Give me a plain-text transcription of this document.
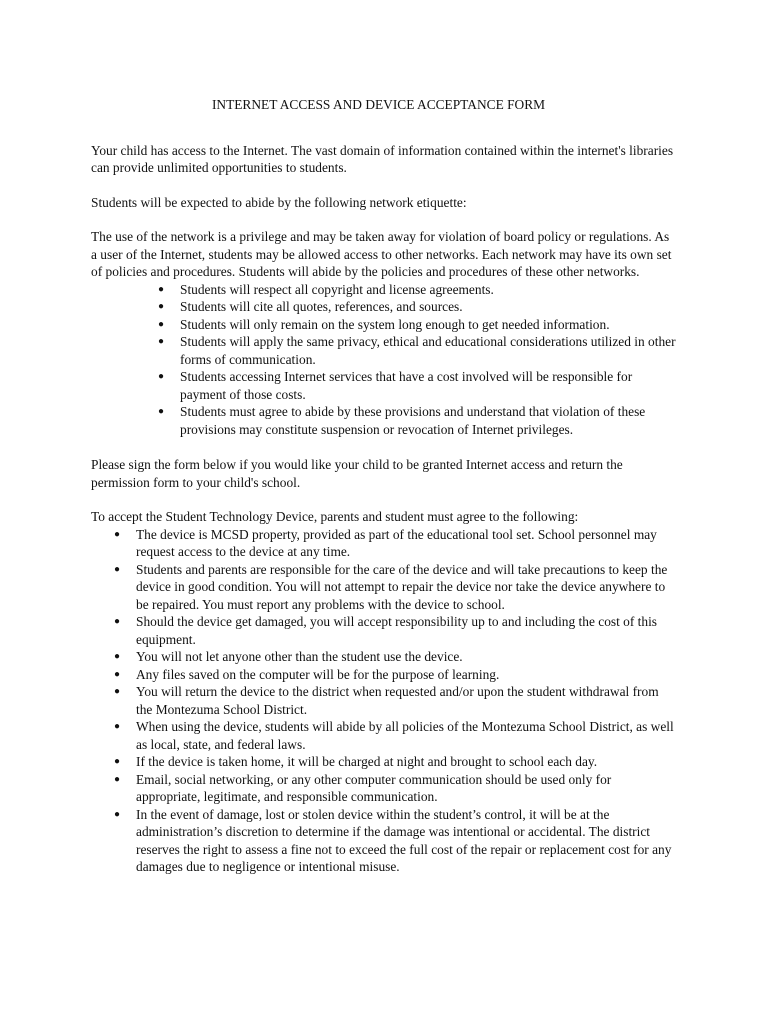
INTERNET ACCESS AND DEVICE ACCEPTANCE FORM

Your child has access to the Internet. The vast domain of information contained within the internet's libraries can provide unlimited opportunities to students.

Students will be expected to abide by the following network etiquette:

The use of the network is a privilege and may be taken away for violation of board policy or regulations. As a user of the Internet, students may be allowed access to other networks. Each network may have its own set of policies and procedures. Students will abide by the policies and procedures of these other networks.

● Students will respect all copyright and license agreements.
● Students will cite all quotes, references, and sources.
● Students will only remain on the system long enough to get needed information.
● Students will apply the same privacy, ethical and educational considerations utilized in other forms of communication.
● Students accessing Internet services that have a cost involved will be responsible for payment of those costs.
● Students must agree to abide by these provisions and understand that violation of these provisions may constitute suspension or revocation of Internet privileges.

Please sign the form below if you would like your child to be granted Internet access and return the permission form to your child's school.

To accept the Student Technology Device, parents and student must agree to the following:

● The device is MCSD property, provided as part of the educational tool set. School personnel may request access to the device at any time.
● Students and parents are responsible for the care of the device and will take precautions to keep the device in good condition. You will not attempt to repair the device nor take the device anywhere to be repaired. You must report any problems with the device to school.
● Should the device get damaged, you will accept responsibility up to and including the cost of this equipment.
● You will not let anyone other than the student use the device.
● Any files saved on the computer will be for the purpose of learning.
● You will return the device to the district when requested and/or upon the student withdrawal from the Montezuma School District.
● When using the device, students will abide by all policies of the Montezuma School District, as well as local, state, and federal laws.
● If the device is taken home, it will be charged at night and brought to school each day.
● Email, social networking, or any other computer communication should be used only for appropriate, legitimate, and responsible communication.
● In the event of damage, lost or stolen device within the student’s control, it will be at the administration’s discretion to determine if the damage was intentional or accidental. The district reserves the right to assess a fine not to exceed the full cost of the repair or replacement cost for any damages due to negligence or intentional misuse.
